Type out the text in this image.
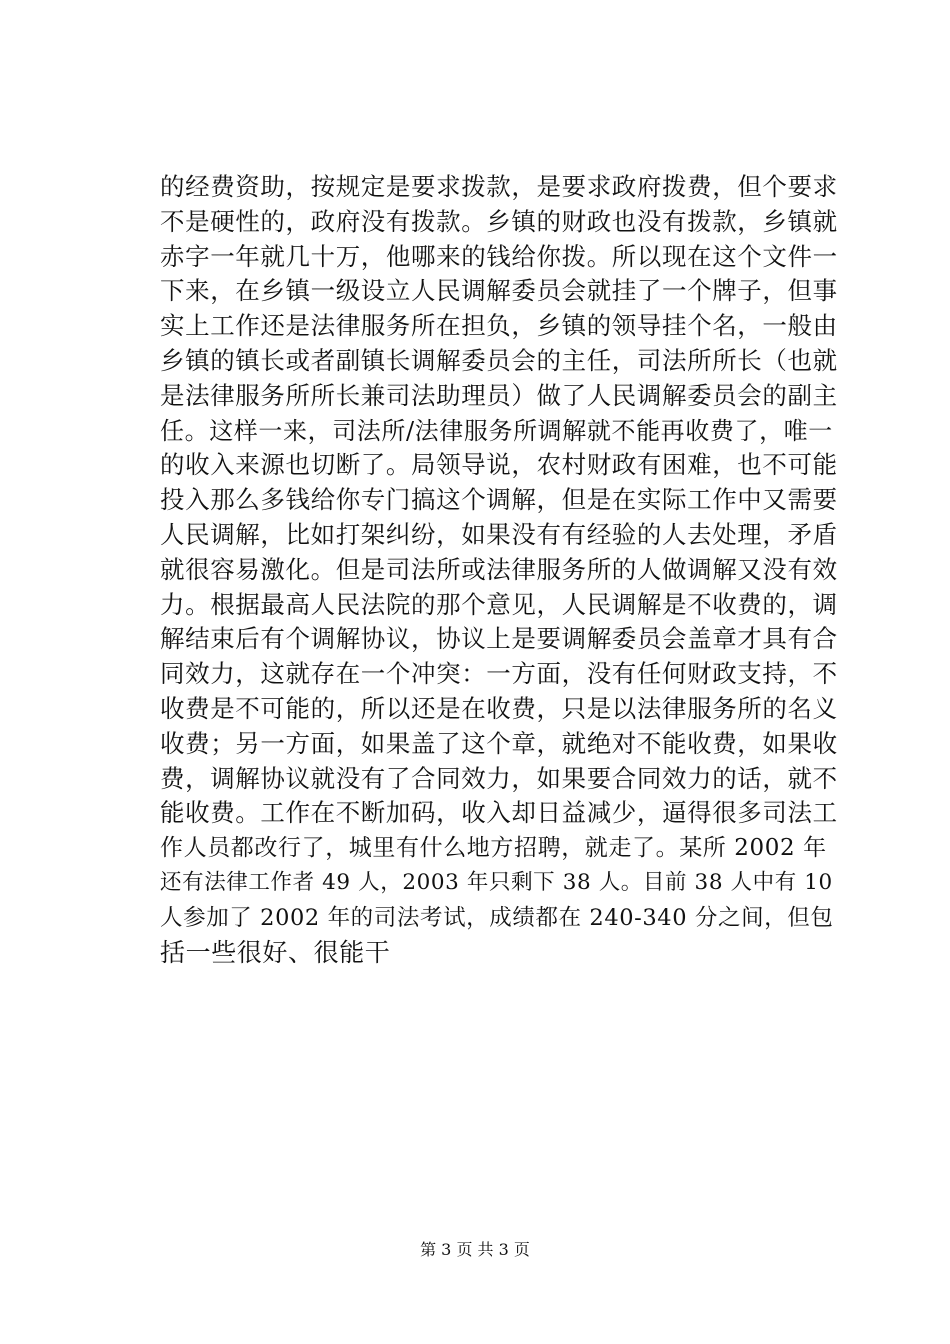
的经费资助，按规定是要求拨款，是要求政府拨费，但个要求
不是硬性的，政府没有拨款。乡镇的财政也没有拨款，乡镇就
赤字一年就几十万，他哪来的钱给你拨。所以现在这个文件一
下来，在乡镇一级设立人民调解委员会就挂了一个牌子，但事
实上工作还是法律服务所在担负，乡镇的领导挂个名，一般由
乡镇的镇长或者副镇长调解委员会的主任，司法所所长（也就
是法律服务所所长兼司法助理员）做了人民调解委员会的副主
任。这样一来，司法所/法律服务所调解就不能再收费了，唯一
的收入来源也切断了。局领导说，农村财政有困难，也不可能
投入那么多钱给你专门搞这个调解，但是在实际工作中又需要
人民调解，比如打架纠纷，如果没有有经验的人去处理，矛盾
就很容易激化。但是司法所或法律服务所的人做调解又没有效
力。根据最高人民法院的那个意见，人民调解是不收费的，调
解结束后有个调解协议，协议上是要调解委员会盖章才具有合
同效力，这就存在一个冲突：一方面，没有任何财政支持，不
收费是不可能的，所以还是在收费，只是以法律服务所的名义
收费；另一方面，如果盖了这个章，就绝对不能收费，如果收
费，调解协议就没有了合同效力，如果要合同效力的话，就不
能收费。工作在不断加码，收入却日益减少，逼得很多司法工
作人员都改行了，城里有什么地方招聘，就走了。某所 2002 年
还有法律工作者 49 人，2003 年只剩下 38 人。目前 38 人中有 10
人参加了 2002 年的司法考试，成绩都在 240-340 分之间，但包
括一些很好、很能干
第 3 页 共 3 页
